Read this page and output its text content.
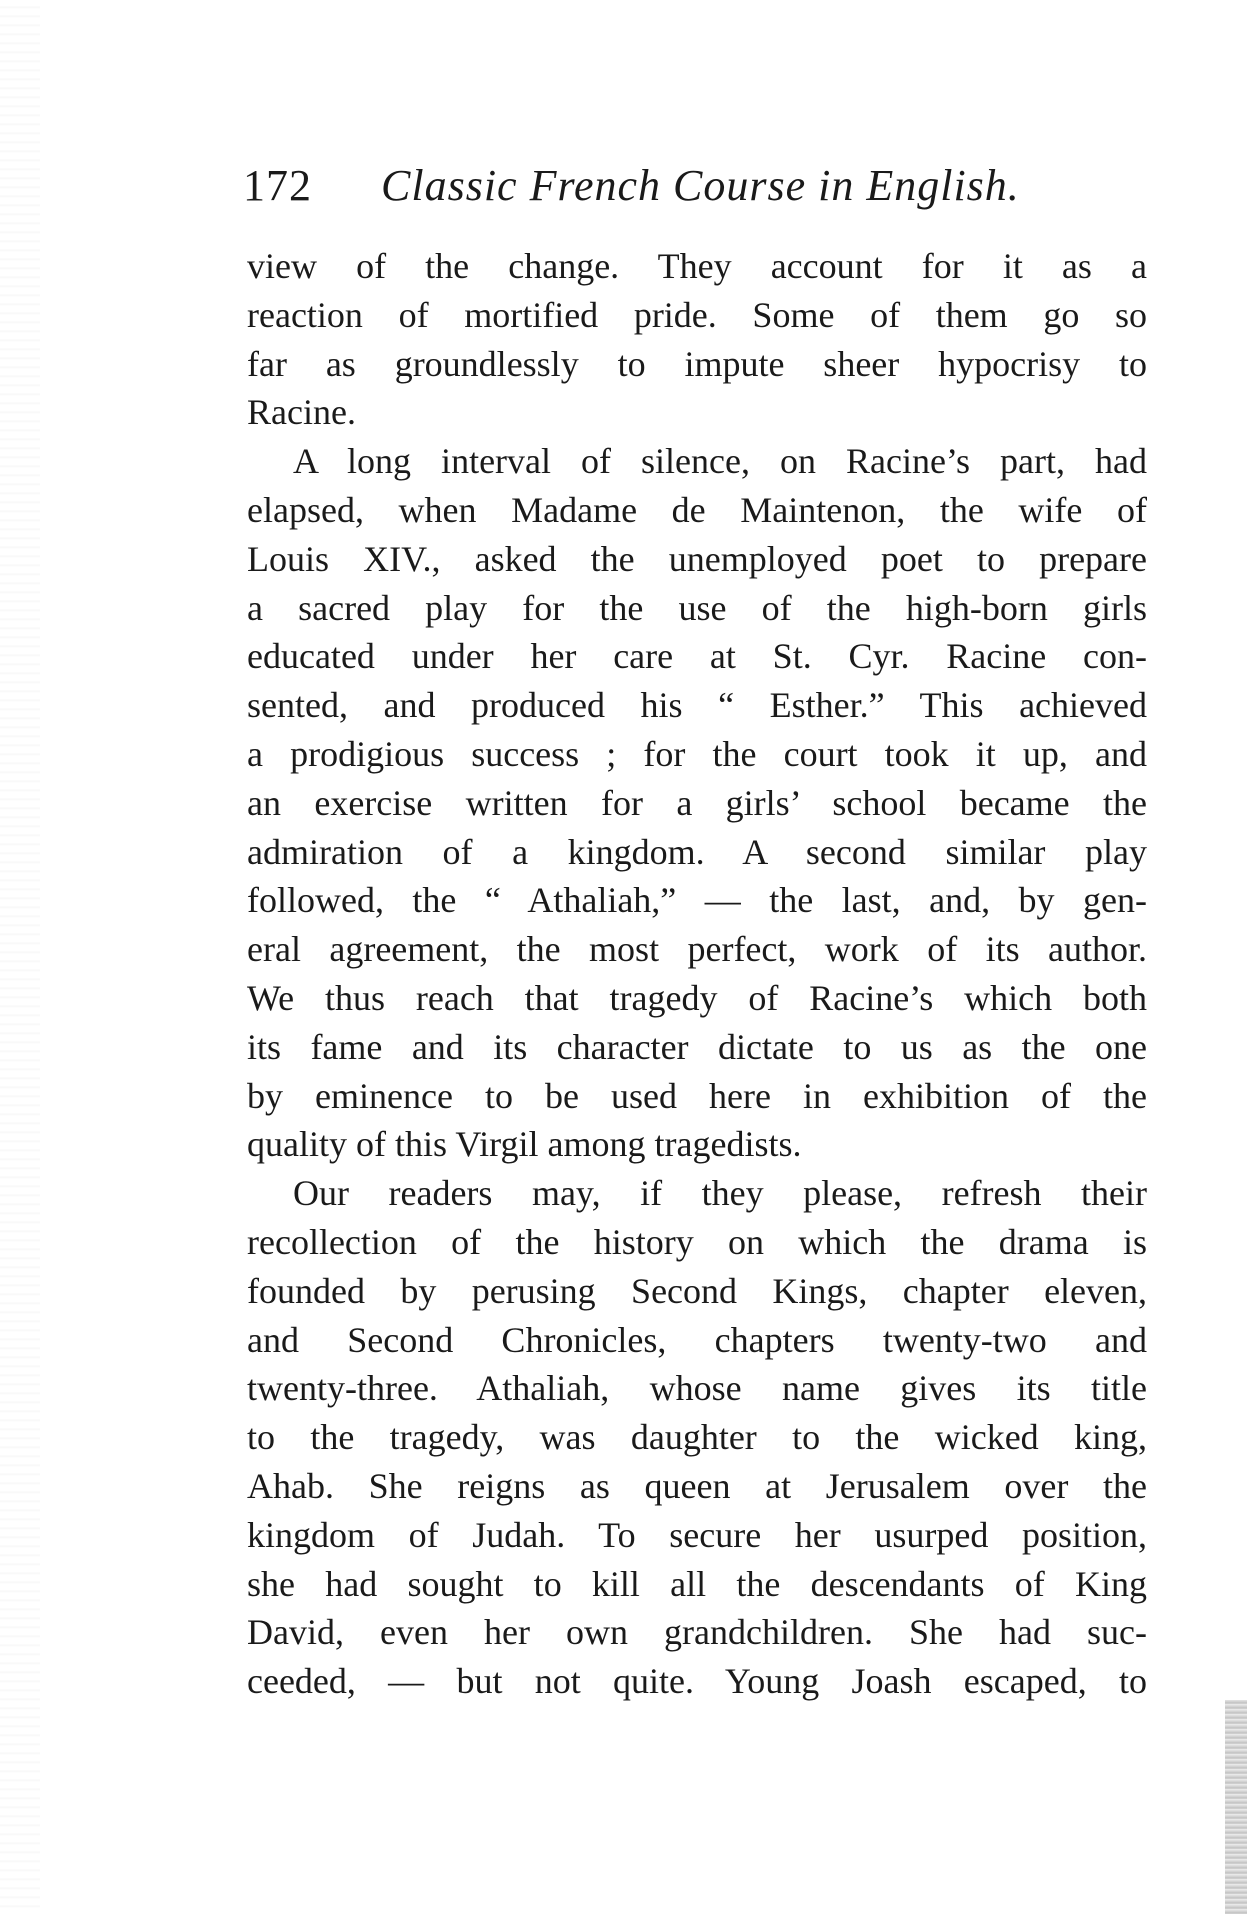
172 Classic French Course in English.
view of the change. They account for it as a
reaction of mortified pride. Some of them go so
far as groundlessly to impute sheer hypocrisy to
Racine.
A long interval of silence, on Racine’s part, had
elapsed, when Madame de Maintenon, the wife of
Louis XIV., asked the unemployed poet to prepare
a sacred play for the use of the high-born girls
educated under her care at St. Cyr. Racine con-
sented, and produced his “ Esther.” This achieved
a prodigious success ; for the court took it up, and
an exercise written for a girls’ school became the
admiration of a kingdom. A second similar play
followed, the “ Athaliah,” — the last, and, by gen-
eral agreement, the most perfect, work of its author.
We thus reach that tragedy of Racine’s which both
its fame and its character dictate to us as the one
by eminence to be used here in exhibition of the
quality of this Virgil among tragedists.
Our readers may, if they please, refresh their
recollection of the history on which the drama is
founded by perusing Second Kings, chapter eleven,
and Second Chronicles, chapters twenty-two and
twenty-three. Athaliah, whose name gives its title
to the tragedy, was daughter to the wicked king,
Ahab. She reigns as queen at Jerusalem over the
kingdom of Judah. To secure her usurped position,
she had sought to kill all the descendants of King
David, even her own grandchildren. She had suc-
ceeded, — but not quite. Young Joash escaped, to
